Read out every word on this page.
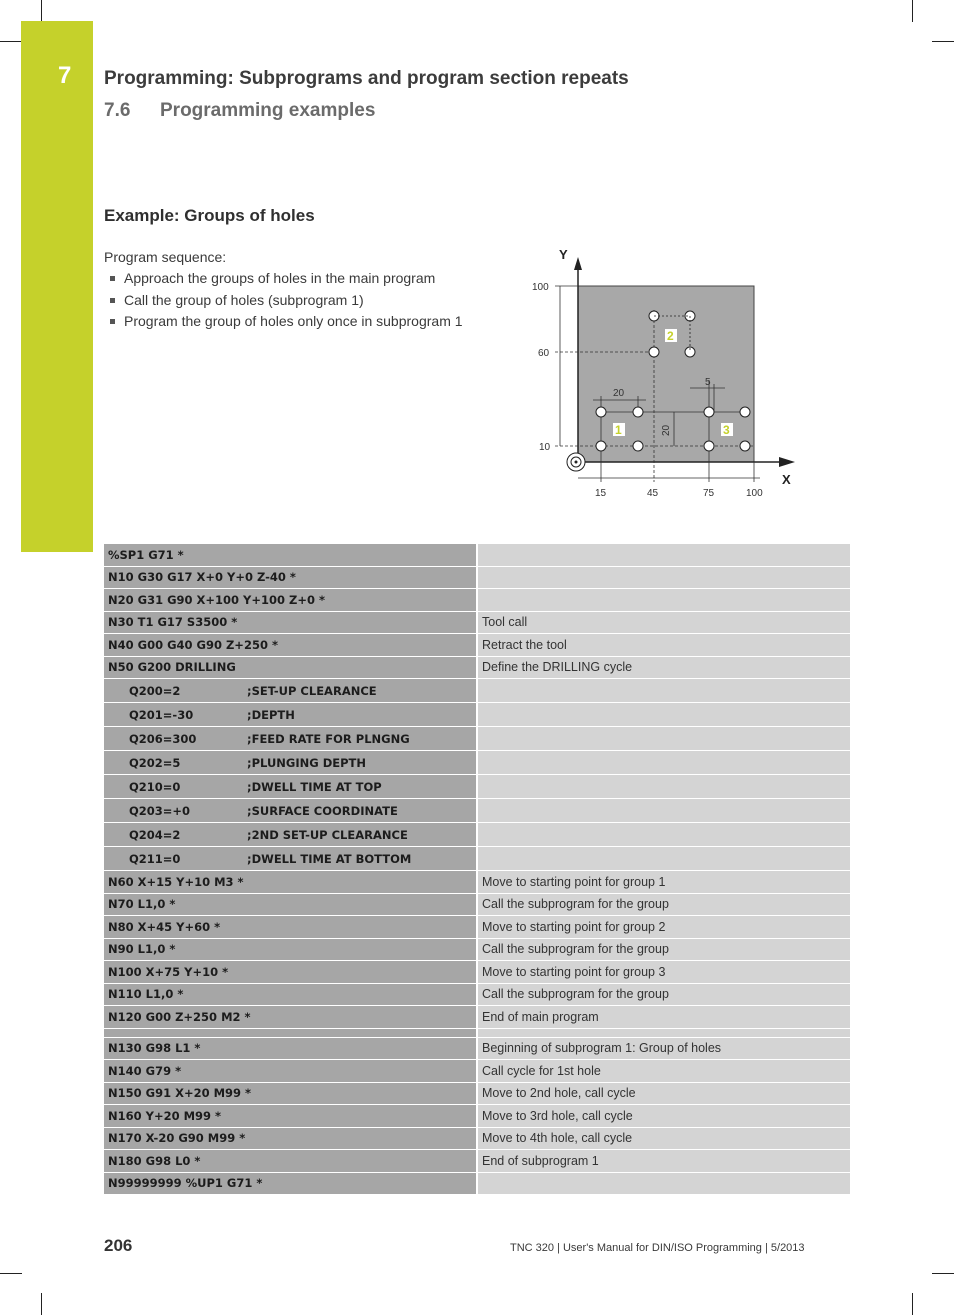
7 Programming: Subprograms and program section repeats
7.6 Programming examples
Example: Groups of holes
Program sequence:
Approach the groups of holes in the main program
Call the group of holes (subprogram 1)
Program the group of holes only once in subprogram 1
Y
X
100
60
10
15	45	75	100
20
20
5
1
2
3
%SP1 G71 *
N10 G30 G17 X+0 Y+0 Z-40 *
N20 G31 G90 X+100 Y+100 Z+0 *
N30 T1 G17 S3500 *	Tool call
N40 G00 G40 G90 Z+250 *	Retract the tool
N50 G200 DRILLING	Define the DRILLING cycle
Q200=2	;SET-UP CLEARANCE
Q201=-30	;DEPTH
Q206=300	;FEED RATE FOR PLNGNG
Q202=5	;PLUNGING DEPTH
Q210=0	;DWELL TIME AT TOP
Q203=+0	;SURFACE COORDINATE
Q204=2	;2ND SET-UP CLEARANCE
Q211=0	;DWELL TIME AT BOTTOM
N60 X+15 Y+10 M3 *	Move to starting point for group 1
N70 L1,0 *	Call the subprogram for the group
N80 X+45 Y+60 *	Move to starting point for group 2
N90 L1,0 *	Call the subprogram for the group
N100 X+75 Y+10 *	Move to starting point for group 3
N110 L1,0 *	Call the subprogram for the group
N120 G00 Z+250 M2 *	End of main program
N130 G98 L1 *	Beginning of subprogram 1: Group of holes
N140 G79 *	Call cycle for 1st hole
N150 G91 X+20 M99 *	Move to 2nd hole, call cycle
N160 Y+20 M99 *	Move to 3rd hole, call cycle
N170 X-20 G90 M99 *	Move to 4th hole, call cycle
N180 G98 L0 *	End of subprogram 1
N99999999 %UP1 G71 *
206	TNC 320 | User's Manual for DIN/ISO Programming | 5/2013
